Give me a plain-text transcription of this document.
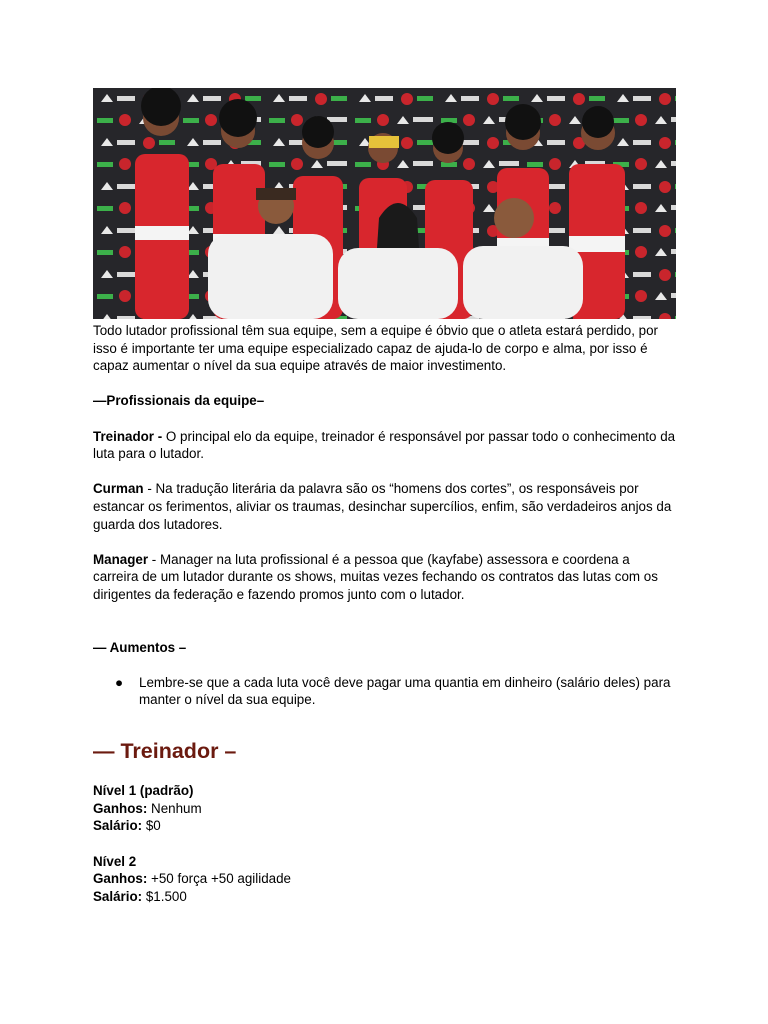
Todo lutador profissional têm sua equipe, sem a equipe é óbvio que o atleta estará perdido, por isso é importante ter uma equipe especializado capaz de ajuda-lo de corpo e alma, por isso é capaz aumentar o nível da sua equipe através de maior investimento.

—Profissionais da equipe–

Treinador - O principal elo da equipe, treinador é responsável por passar todo o conhecimento da luta para o lutador.

Curman - Na tradução literária da palavra são os “homens dos cortes”, os responsáveis por estancar os ferimentos, aliviar os traumas, desinchar supercílios, enfim, são verdadeiros anjos da guarda dos lutadores.

Manager - Manager na luta profissional é a pessoa que (kayfabe) assessora e coordena a carreira de um lutador durante os shows, muitas vezes fechando os contratos das lutas com os dirigentes da federação e fazendo promos junto com o lutador.

— Aumentos –

● Lembre-se que a cada luta você deve pagar uma quantia em dinheiro (salário deles) para manter o nível da sua equipe.
— Treinador –

Nível 1 (padrão)

Ganhos: Nenhum

Salário: $0

Nível 2

Ganhos: +50 força +50 agilidade

Salário: $1.500
